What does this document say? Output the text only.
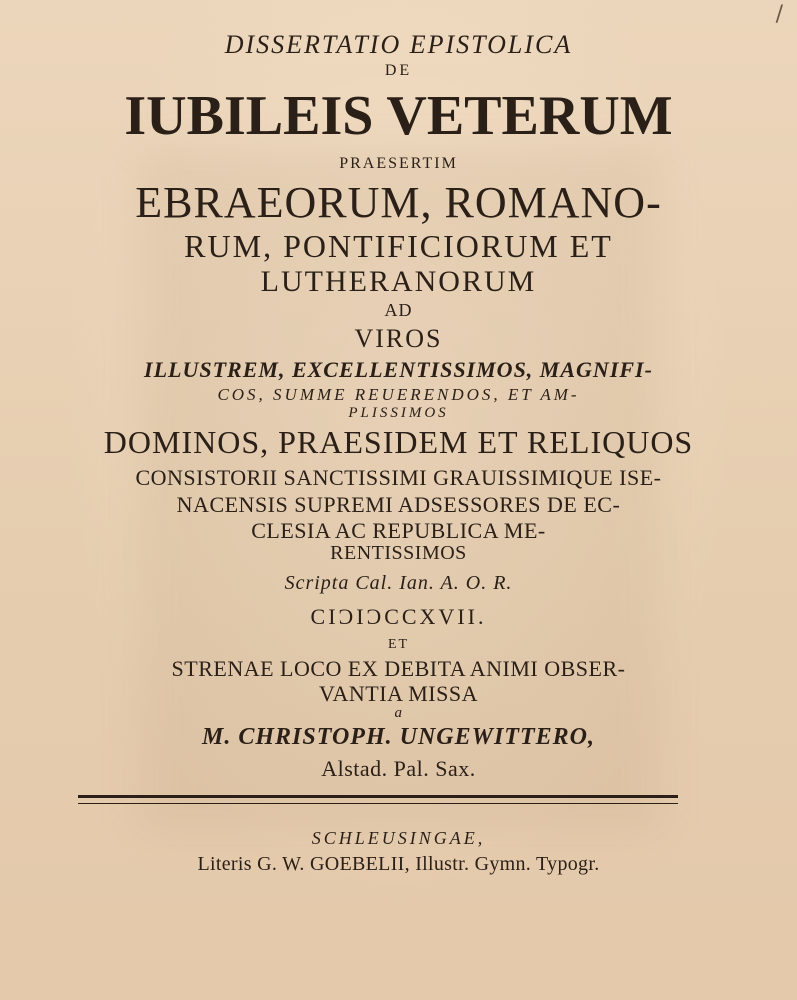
/
DISSERTATIO EPISTOLICA
DE
IUBILEIS VETERUM
PRAESERTIM
EBRAEORUM, ROMANO-
RUM, PONTIFICIORUM ET
LUTHERANORUM
AD
VIROS
ILLUSTREM, EXCELLENTISSIMOS, MAGNIFI-
COS, SUMME REUERENDOS, ET AM-
PLISSIMOS
DOMINOS, PRAESIDEM ET RELIQUOS
CONSISTORII SANCTISSIMI GRAUISSIMIQUE ISE-
NACENSIS SUPREMI ADSESSORES DE EC-
CLESIA AC REPUBLICA ME-
RENTISSIMOS
Scripta Cal. Ian. A. O. R.
CIƆIƆCCXVII.
ET
STRENAE LOCO EX DEBITA ANIMI OBSER-
VANTIA MISSA
a
M. CHRISTOPH. UNGEWITTERO,
Alstad. Pal. Sax.
SCHLEUSINGAE,
Literis G. W. GOEBELII, Illustr. Gymn. Typogr.
